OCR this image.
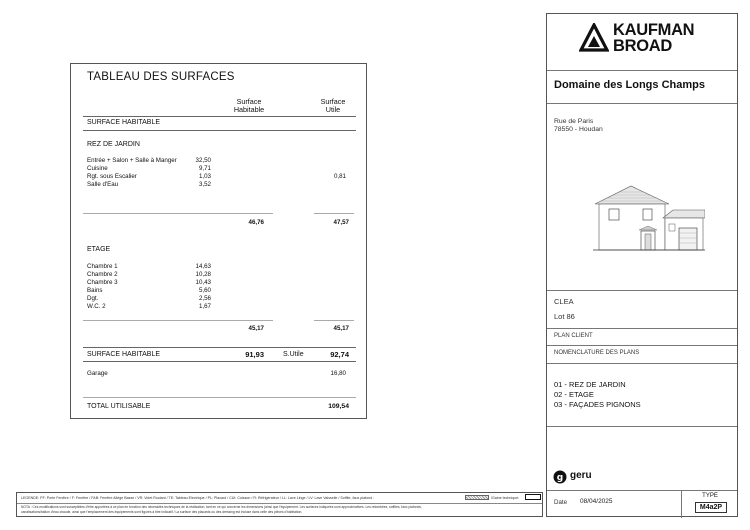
TABLEAU DES SURFACES
Surface
Habitable
Surface
Utile
SURFACE HABITABLE
REZ DE JARDIN
Entrée + Salon + Salle à Manger	32,50
Cuisine	9,71
Rgt. sous Escalier	1,03	0,81
Salle d'Eau	3,52
46,76	47,57
ETAGE
Chambre 1	14,63
Chambre 2	10,28
Chambre 3	10,43
Bains	5,60
Dgt.	2,56
W.C. 2	1,67
45,17	45,17
SURFACE HABITABLE	91,93	S.Utile	92,74
Garage	16,80
TOTAL UTILISABLE	109,54
KAUFMAN
BROAD
Domaine des Longs Champs
Rue de Paris
78550 - Houdan
CLEA
Lot 86
PLAN CLIENT
NOMENCLATURE DES PLANS
01 - REZ DE JARDIN
02 - ETAGE
03 - FAÇADES PIGNONS
g geru
Date 08/04/2025
TYPE
M4a2P
LEGENDE: PF: Porte Fenêtre / F: Fenêtre / FAB: Fenêtre Allège Basse / VR: Volet Roulant / TE: Tableau Electrique / PL: Placard / CUI: Cuisson / R: Réfrigérateur / LL: Lave Linge / LV: Lave Vaisselle / Soffite, faux plafond :	/Gaine technique:
NOTA : Ces modifications sont susceptibles d'être apportées à ce plan en fonction des nécessités techniques de la réalisation, tant en ce qui concerne les dimensions (ainsi que l'équipement. Les surfaces indiquées sont approximatives. Les retombées, soffites, faux plafonds,
canalisations/ballon d'eau chaude, ainsi que l'emplacement des équipements sont figurés à titre indicatif / La surface des placards ou des dressing est incluse dans celle des pièces d'habitation.
